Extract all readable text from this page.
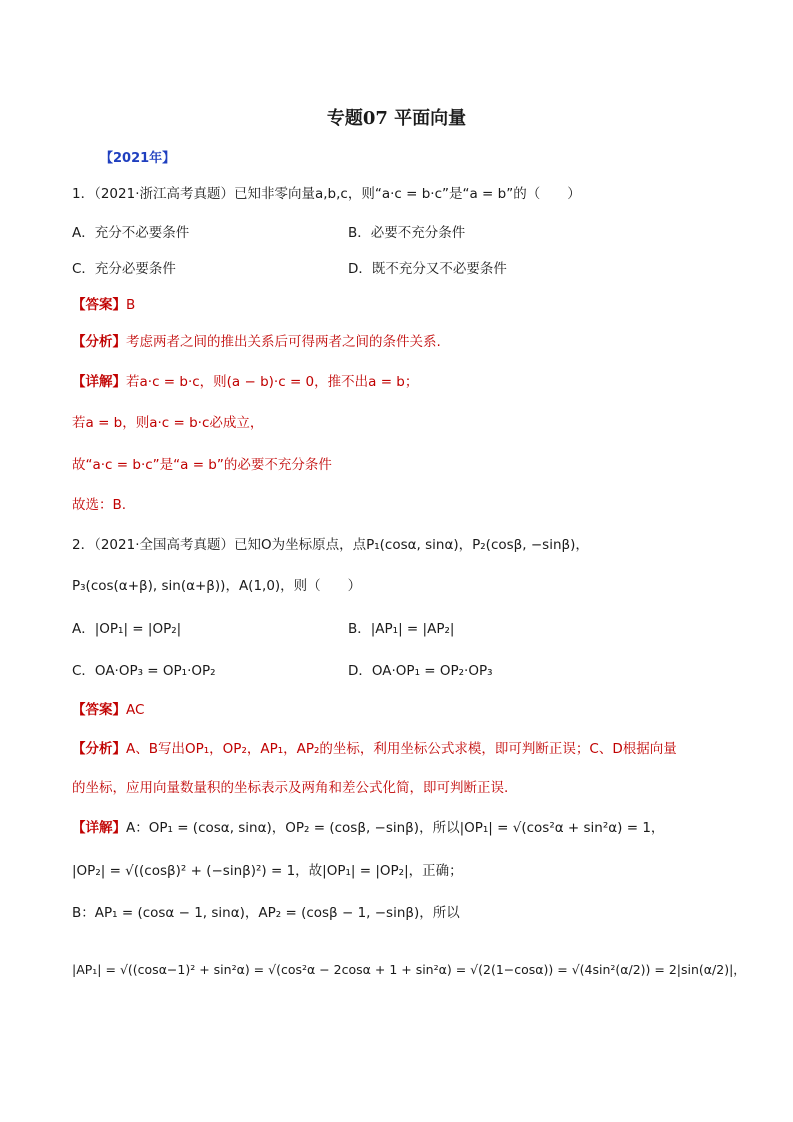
专题07 平面向量
【2021年】
1．（2021·浙江高考真题）已知非零向量a,b,c，则“a·c = b·c”是“a = b”的（　　）
A．充分不必要条件	B．必要不充分条件
C．充分必要条件	D．既不充分又不必要条件
【答案】B
【分析】考虑两者之间的推出关系后可得两者之间的条件关系.
【详解】若a·c = b·c，则(a − b)·c = 0，推不出a = b；
若a = b，则a·c = b·c必成立，
故“a·c = b·c”是“a = b”的必要不充分条件
故选：B.
2．（2021·全国高考真题）已知O为坐标原点，点P₁(cosα, sinα)，P₂(cosβ, −sinβ)，
P₃(cos(α+β), sin(α+β))，A(1,0)，则（　　）
A．|OP₁| = |OP₂|	B．|AP₁| = |AP₂|
C．OA·OP₃ = OP₁·OP₂	D．OA·OP₁ = OP₂·OP₃
【答案】AC
【分析】A、B写出OP₁，OP₂，AP₁，AP₂的坐标，利用坐标公式求模，即可判断正误；C、D根据向量
的坐标，应用向量数量积的坐标表示及两角和差公式化简，即可判断正误.
【详解】A：OP₁ = (cosα, sinα)，OP₂ = (cosβ, −sinβ)，所以|OP₁| = √(cos²α + sin²α) = 1，
|OP₂| = √((cosβ)² + (−sinβ)²) = 1，故|OP₁| = |OP₂|，正确；
B：AP₁ = (cosα − 1, sinα)，AP₂ = (cosβ − 1, −sinβ)，所以
|AP₁| = √((cosα−1)² + sin²α) = √(cos²α − 2cosα + 1 + sin²α) = √(2(1−cosα)) = √(4sin²(α/2)) = 2|sin(α/2)|，
